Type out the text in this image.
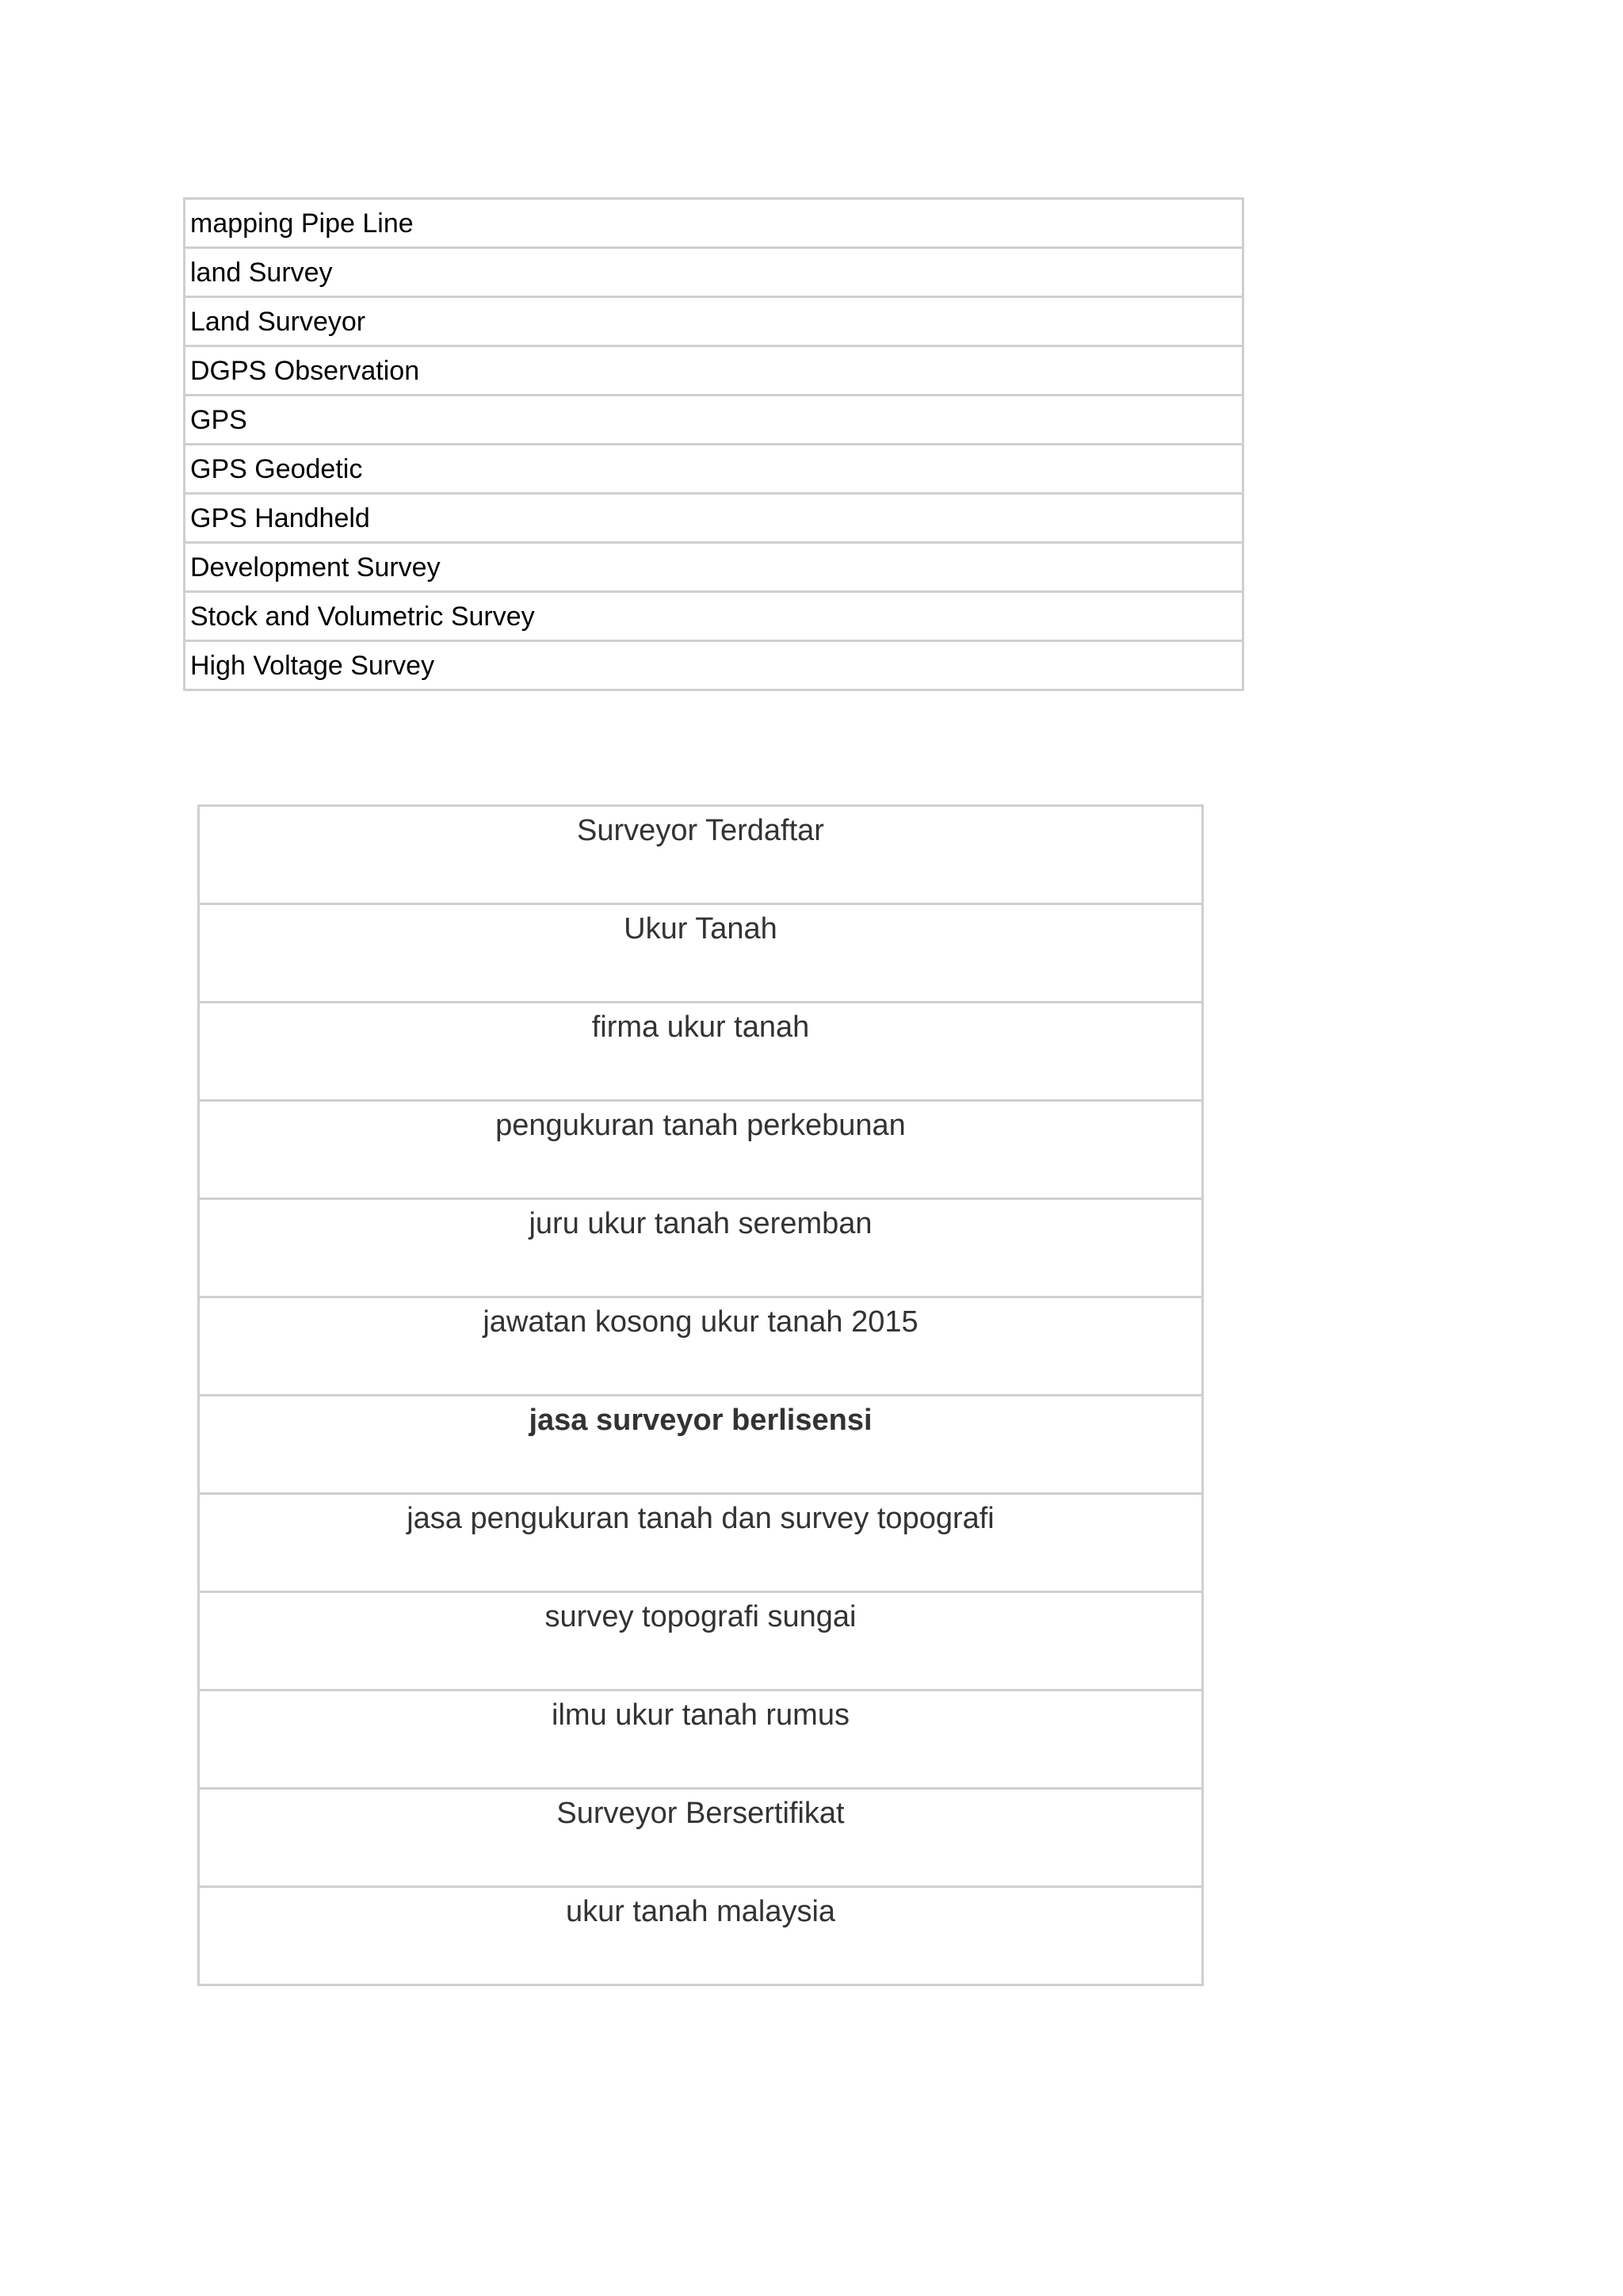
mapping Pipe Line
land Survey
Land Surveyor
DGPS Observation
GPS
GPS Geodetic
GPS Handheld
Development Survey
Stock and Volumetric Survey
High Voltage Survey
Surveyor Terdaftar
Ukur Tanah
firma ukur tanah
pengukuran tanah perkebunan
juru ukur tanah seremban
jawatan kosong ukur tanah 2015
jasa surveyor berlisensi
jasa pengukuran tanah dan survey topografi
survey topografi sungai
ilmu ukur tanah rumus
Surveyor Bersertifikat
ukur tanah malaysia
